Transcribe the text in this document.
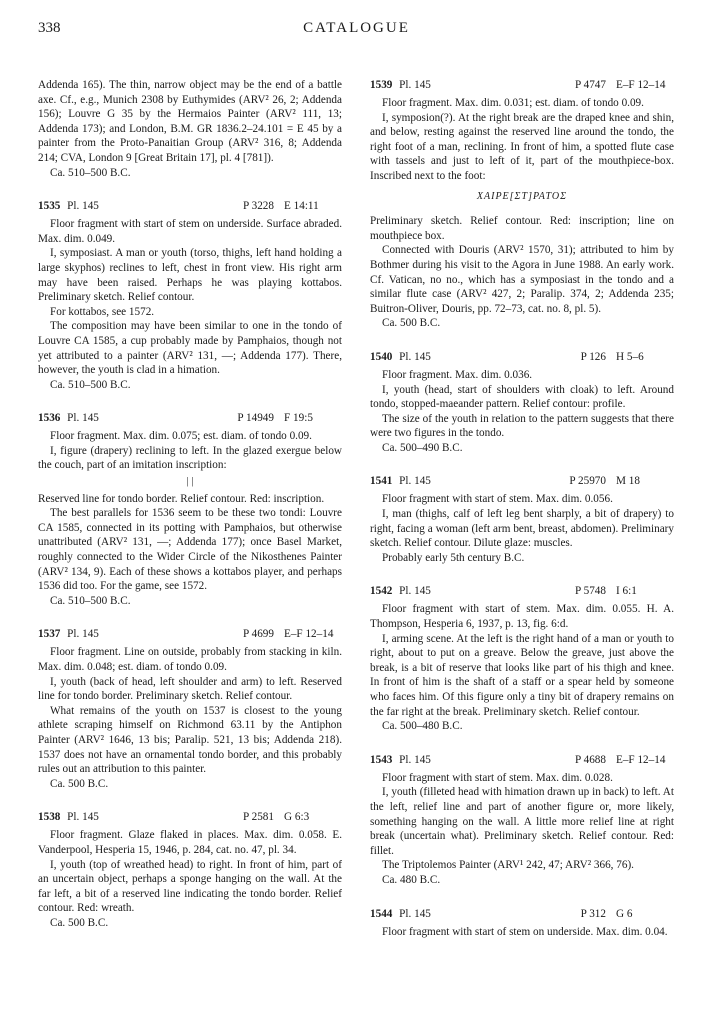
338	CATALOGUE

Addenda 165). The thin, narrow object may be the end of a battle axe. Cf., e.g., Munich 2308 by Euthymides (ARV² 26, 2; Addenda 156); Louvre G 35 by the Hermaios Painter (ARV² 111, 13; Addenda 173); and London, B.M. GR 1836.2–24.101 = E 45 by a painter from the Proto-Panaitian Group (ARV² 316, 8; Addenda 214; CVA, London 9 [Great Britain 17], pl. 4 [781]).

Ca. 510–500 B.C.

1535 Pl. 145	P 3228 E 14:11

Floor fragment with start of stem on underside. Surface abraded. Max. dim. 0.049.

I, symposiast. A man or youth (torso, thighs, left hand holding a large skyphos) reclines to left, chest in front view. His right arm may have been raised. Perhaps he was playing kottabos. Preliminary sketch. Relief contour.

For kottabos, see 1572.

The composition may have been similar to one in the tondo of Louvre CA 1585, a cup probably made by Pamphaios, though not yet attributed to a painter (ARV² 131, —; Addenda 177). There, however, the youth is clad in a himation.

Ca. 510–500 B.C.

1536 Pl. 145	P 14949 F 19:5

Floor fragment. Max. dim. 0.075; est. diam. of tondo 0.09.

I, figure (drapery) reclining to left. In the glazed exergue below the couch, part of an imitation inscription:

| |

Reserved line for tondo border. Relief contour. Red: inscription.

The best parallels for 1536 seem to be these two tondi: Louvre CA 1585, connected in its potting with Pamphaios, but otherwise unattributed (ARV² 131, —; Addenda 177); once Basel Market, roughly connected to the Wider Circle of the Nikosthenes Painter (ARV² 134, 9). Each of these shows a kottabos player, and perhaps 1536 did too. For the game, see 1572.

Ca. 510–500 B.C.

1537 Pl. 145	P 4699 E–F 12–14

Floor fragment. Line on outside, probably from stacking in kiln. Max. dim. 0.048; est. diam. of tondo 0.09.

I, youth (back of head, left shoulder and arm) to left. Reserved line for tondo border. Preliminary sketch. Relief contour.

What remains of the youth on 1537 is closest to the young athlete scraping himself on Richmond 63.11 by the Antiphon Painter (ARV² 1646, 13 bis; Paralip. 521, 13 bis; Addenda 218). 1537 does not have an ornamental tondo border, and this probably rules out an attribution to this painter.

Ca. 500 B.C.

1538 Pl. 145	P 2581 G 6:3

Floor fragment. Glaze flaked in places. Max. dim. 0.058. E. Vanderpool, Hesperia 15, 1946, p. 284, cat. no. 47, pl. 34.

I, youth (top of wreathed head) to right. In front of him, part of an uncertain object, perhaps a sponge hanging on the wall. At the far left, a bit of a reserved line indicating the tondo border. Relief contour. Red: wreath.

Ca. 500 B.C.

1539 Pl. 145	P 4747 E–F 12–14

Floor fragment. Max. dim. 0.031; est. diam. of tondo 0.09.

I, symposion(?). At the right break are the draped knee and shin, and below, resting against the reserved line around the tondo, the right foot of a man, reclining. In front of him, a spotted flute case with tassels and just to left of it, part of the mouthpiece-box. Inscribed next to the foot:

ΧΑΙΡΕ[ΣΤ]ΡΑΤΟΣ

Preliminary sketch. Relief contour. Red: inscription; line on mouthpiece box.

Connected with Douris (ARV² 1570, 31); attributed to him by Bothmer during his visit to the Agora in June 1988. An early work. Cf. Vatican, no no., which has a symposiast in the tondo and a similar flute case (ARV² 427, 2; Paralip. 374, 2; Addenda 235; Buitron-Oliver, Douris, pp. 72–73, cat. no. 8, pl. 5).

Ca. 500 B.C.

1540 Pl. 145	P 126 H 5–6

Floor fragment. Max. dim. 0.036.

I, youth (head, start of shoulders with cloak) to left. Around tondo, stopped-maeander pattern. Relief contour: profile.

The size of the youth in relation to the pattern suggests that there were two figures in the tondo.

Ca. 500–490 B.C.

1541 Pl. 145	P 25970 M 18

Floor fragment with start of stem. Max. dim. 0.056.

I, man (thighs, calf of left leg bent sharply, a bit of drapery) to right, facing a woman (left arm bent, breast, abdomen). Preliminary sketch. Relief contour. Dilute glaze: muscles.

Probably early 5th century B.C.

1542 Pl. 145	P 5748 I 6:1

Floor fragment with start of stem. Max. dim. 0.055. H. A. Thompson, Hesperia 6, 1937, p. 13, fig. 6:d.

I, arming scene. At the left is the right hand of a man or youth to right, about to put on a greave. Below the greave, just above the break, is a bit of reserve that looks like part of his thigh and knee. In front of him is the shaft of a staff or a spear held by someone who faces him. Of this figure only a tiny bit of drapery remains on the far right at the break. Preliminary sketch. Relief contour.

Ca. 500–480 B.C.

1543 Pl. 145	P 4688 E–F 12–14

Floor fragment with start of stem. Max. dim. 0.028.

I, youth (filleted head with himation drawn up in back) to left. At the left, relief line and part of another figure or, more likely, something hanging on the wall. A little more relief line at right break (uncertain what). Preliminary sketch. Relief contour. Red: fillet.

The Triptolemos Painter (ARV¹ 242, 47; ARV² 366, 76).

Ca. 480 B.C.

1544 Pl. 145	P 312 G 6

Floor fragment with start of stem on underside. Max. dim. 0.04.
